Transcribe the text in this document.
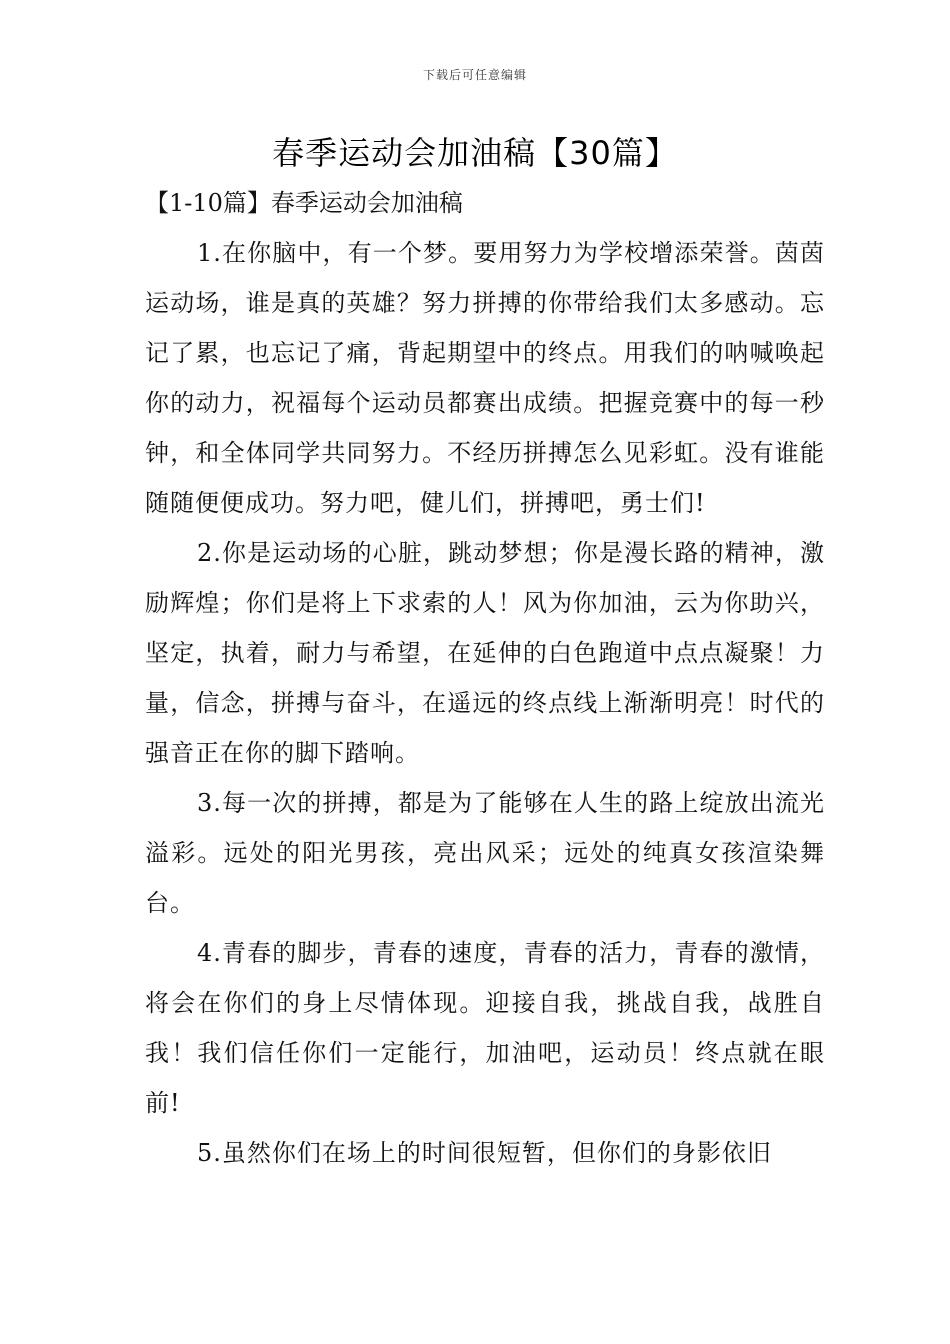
下载后可任意编辑
春季运动会加油稿【30篇】

【1-10篇】春季运动会加油稿

1.在你脑中，有一个梦。要用努力为学校增添荣誉。茵茵运动场，谁是真的英雄？努力拼搏的你带给我们太多感动。忘记了累，也忘记了痛，背起期望中的终点。用我们的呐喊唤起你的动力，祝福每个运动员都赛出成绩。把握竞赛中的每一秒钟，和全体同学共同努力。不经历拼搏怎么见彩虹。没有谁能随随便便成功。努力吧，健儿们，拼搏吧，勇士们!

2.你是运动场的心脏，跳动梦想；你是漫长路的精神，激励辉煌；你们是将上下求索的人！风为你加油，云为你助兴，坚定，执着，耐力与希望，在延伸的白色跑道中点点凝聚！力量，信念，拼搏与奋斗，在遥远的终点线上渐渐明亮！时代的强音正在你的脚下踏响。

3.每一次的拼搏，都是为了能够在人生的路上绽放出流光溢彩。远处的阳光男孩，亮出风采；远处的纯真女孩渲染舞台。

4.青春的脚步，青春的速度，青春的活力，青春的激情，将会在你们的身上尽情体现。迎接自我，挑战自我，战胜自我！我们信任你们一定能行，加油吧，运动员！终点就在眼前!

5.虽然你们在场上的时间很短暂，但你们的身影依旧
